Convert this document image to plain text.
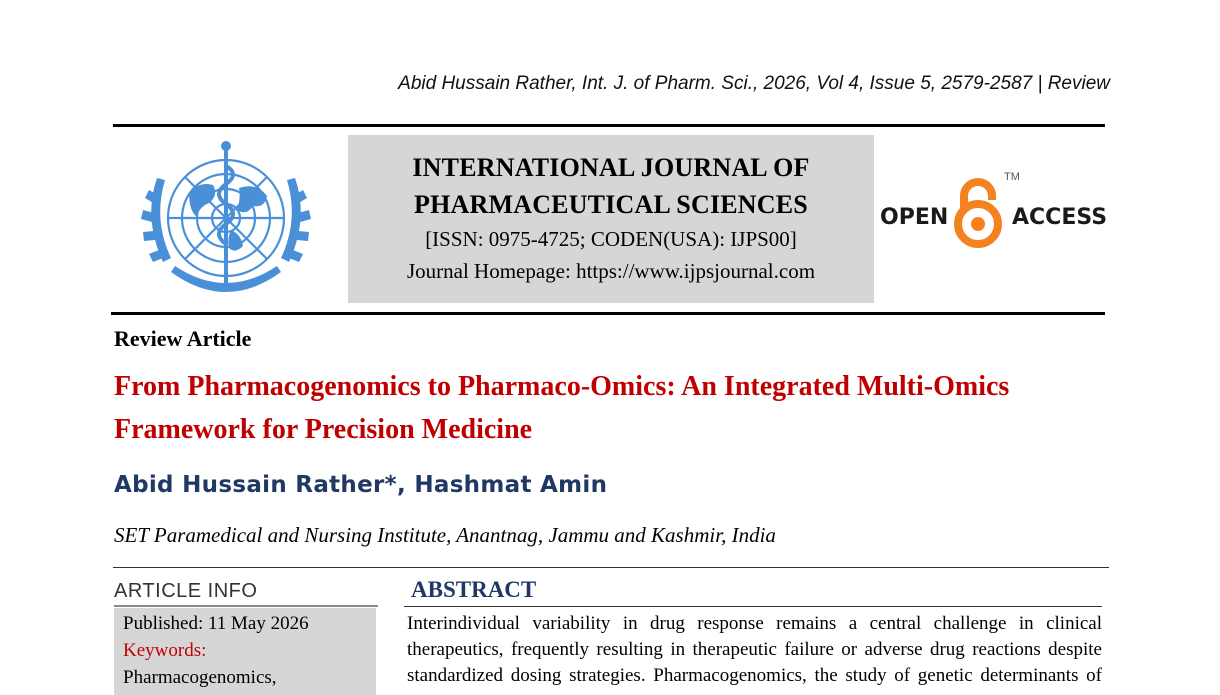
Abid Hussain Rather, Int. J. of Pharm. Sci., 2026, Vol 4, Issue 5, 2579-2587 | Review
INTERNATIONAL JOURNAL OF
PHARMACEUTICAL SCIENCES
[ISSN: 0975-4725; CODEN(USA): IJPS00]
Journal Homepage: https://www.ijpsjournal.com
OPEN	ACCESS
TM
Review Article
From Pharmacogenomics to Pharmaco-Omics: An Integrated Multi-Omics Framework for Precision Medicine
Abid Hussain Rather*, Hashmat Amin
SET Paramedical and Nursing Institute, Anantnag, Jammu and Kashmir, India
ARTICLE INFO
Published: 11 May 2026
Keywords:
Pharmacogenomics,
ABSTRACT
Interindividual variability in drug response remains a central challenge in clinical
therapeutics, frequently resulting in therapeutic failure or adverse drug reactions despite
standardized dosing strategies. Pharmacogenomics, the study of genetic determinants of
